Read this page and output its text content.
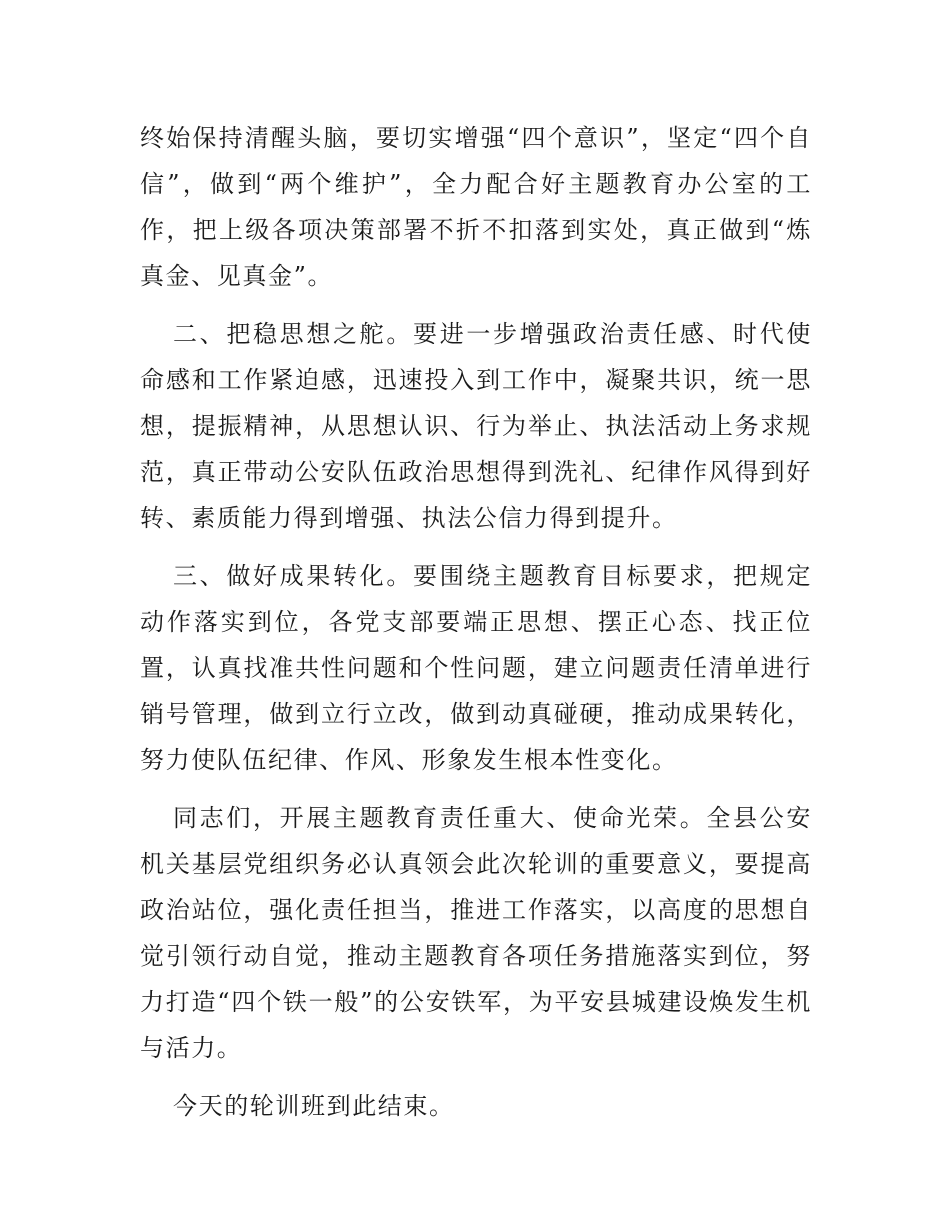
终始保持清醒头脑，要切实增强“四个意识”，坚定“四个自信”，做到“两个维护”，全力配合好主题教育办公室的工作，把上级各项决策部署不折不扣落到实处，真正做到“炼真金、见真金”。

二、把稳思想之舵。要进一步增强政治责任感、时代使命感和工作紧迫感，迅速投入到工作中，凝聚共识，统一思想，提振精神，从思想认识、行为举止、执法活动上务求规范，真正带动公安队伍政治思想得到洗礼、纪律作风得到好转、素质能力得到增强、执法公信力得到提升。

三、做好成果转化。要围绕主题教育目标要求，把规定动作落实到位，各党支部要端正思想、摆正心态、找正位置，认真找准共性问题和个性问题，建立问题责任清单进行销号管理，做到立行立改，做到动真碰硬，推动成果转化，努力使队伍纪律、作风、形象发生根本性变化。

同志们，开展主题教育责任重大、使命光荣。全县公安机关基层党组织务必认真领会此次轮训的重要意义，要提高政治站位，强化责任担当，推进工作落实，以高度的思想自觉引领行动自觉，推动主题教育各项任务措施落实到位，努力打造“四个铁一般”的公安铁军，为平安县城建设焕发生机与活力。

今天的轮训班到此结束。
